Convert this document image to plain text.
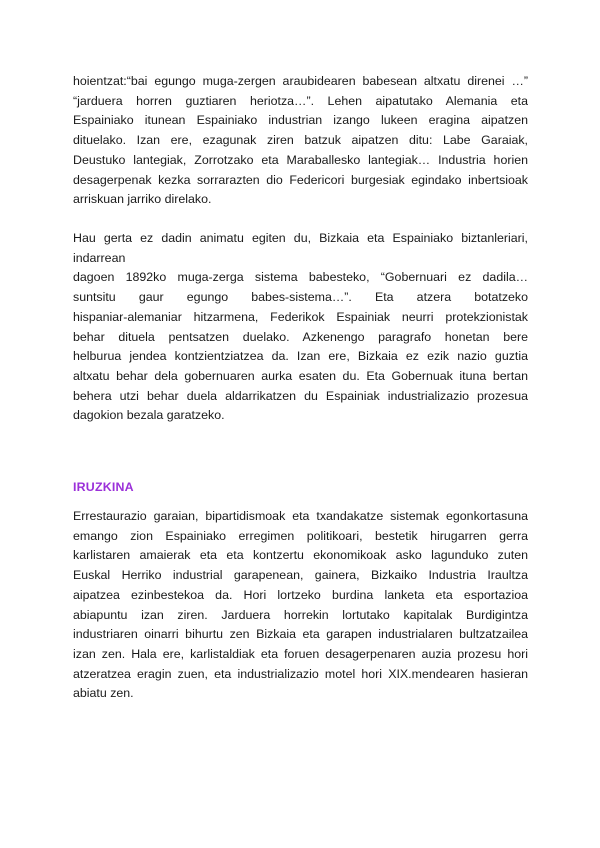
hoientzat:“bai egungo muga-zergen araubidearen babesean altxatu direnei …”
“jarduera horren guztiaren heriotza…”. Lehen aipatutako Alemania eta
Espainiako itunean Espainiako industrian izango lukeen eragina aipatzen
dituelako. Izan ere, ezagunak ziren batzuk aipatzen ditu: Labe Garaiak,
Deustuko lantegiak, Zorrotzako eta Maraballesko lantegiak… Industria horien
desagerpenak kezka sorrarazten dio Federicori burgesiak egindako inbertsioak
arriskuan jarriko direlako.
Hau gerta ez dadin animatu egiten du, Bizkaia eta Espainiako biztanleriari,
indarrean
dagoen 1892ko muga-zerga sistema babesteko, “Gobernuari ez dadila…
suntsitu gaur egungo babes-sistema…”. Eta atzera botatzeko
hispaniar-alemaniar hitzarmena, Federikok Espainiak neurri protekzionistak
behar dituela pentsatzen duelako. Azkenengo paragrafo honetan bere
helburua jendea kontzientziatzea da. Izan ere, Bizkaia ez ezik nazio guztia
altxatu behar dela gobernuaren aurka esaten du. Eta Gobernuak ituna bertan
behera utzi behar duela aldarrikatzen du Espainiak industrializazio prozesua
dagokion bezala garatzeko.
IRUZKINA
Errestaurazio garaian, bipartidismoak eta txandakatze sistemak egonkortasuna
emango zion Espainiako erregimen politikoari, bestetik hirugarren gerra
karlistaren amaierak eta eta kontzertu ekonomikoak asko lagunduko zuten
Euskal Herriko industrial garapenean, gainera, Bizkaiko Industria Iraultza
aipatzea ezinbestekoa da. Hori lortzeko burdina lanketa eta esportazioa
abiapuntu izan ziren. Jarduera horrekin lortutako kapitalak Burdigintza
industriaren oinarri bihurtu zen Bizkaia eta garapen industrialaren bultzatzailea
izan zen. Hala ere, karlistaldiak eta foruen desagerpenaren auzia prozesu hori
atzeratzea eragin zuen, eta industrializazio motel hori XIX.mendearen hasieran
abiatu zen.
